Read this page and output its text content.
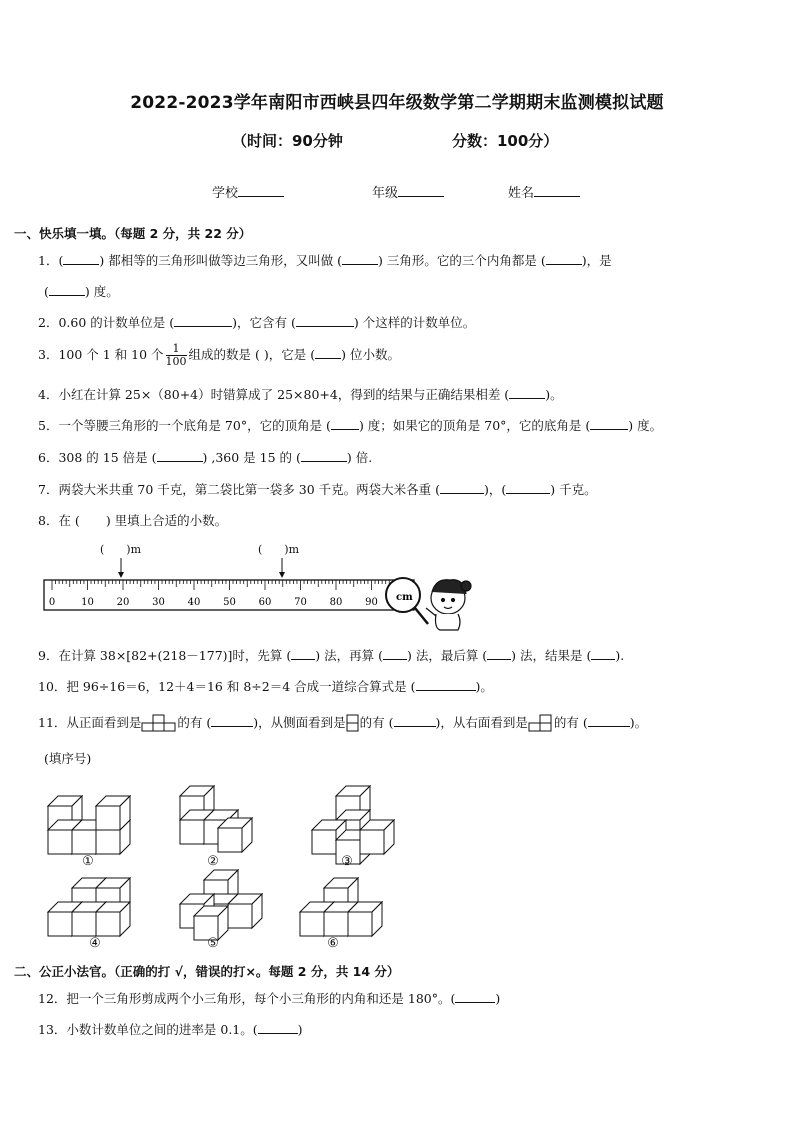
2022-2023学年南阳市西峡县四年级数学第二学期期末监测模拟试题
（时间：90分钟	分数：100分）
学校	年级	姓名
一、快乐填一填。（每题 2 分，共 22 分）
1．(	) 都相等的三角形叫做等边三角形，又叫做 (	) 三角形。它的三个内角都是 (	)，是
(	) 度。
2．0.60 的计数单位是 (	)，它含有 (	) 个这样的计数单位。
3．100 个 1 和 10 个 $\frac{1}{100}$ 组成的数是 ( )，它是 ( ) 位小数。
4．小红在计算 25×（80+4）时错算成了 25×80+4，得到的结果与正确结果相差 (	)。
5．一个等腰三角形的一个底角是 70°，它的顶角是 ( ) 度；如果它的顶角是 70°，它的底角是 (	) 度。
6．308 的 15 倍是 (	) ,360 是 15 的 (	) 倍.
7．两袋大米共重 70 千克，第二袋比第一袋多 30 千克。两袋大米各重 (	)，(	) 千克。
8．在 ( ) 里填上合适的小数。
(　　)m	(　　)m
0	10 20 30 40 50 60 70 80 90 cm
9．在计算 38×[82+(218－177)]时，先算 ( ) 法，再算 ( ) 法，最后算 ( ) 法，结果是 ( ).
10．把 96÷16＝6，12＋4＝16 和 8÷2＝4 合成一道综合算式是 (	)。
11．从正面看到是	的有 (	)，从侧面看到是 的有 (	)，从右面看到是 的有 (	)。
(填序号)
①	②	③
④	⑤	⑥
二、公正小法官。（正确的打 √，错误的打×。每题 2 分，共 14 分）
12．把一个三角形剪成两个小三角形，每个小三角形的内角和还是 180°。(	)
13．小数计数单位之间的进率是 0.1。(	)
